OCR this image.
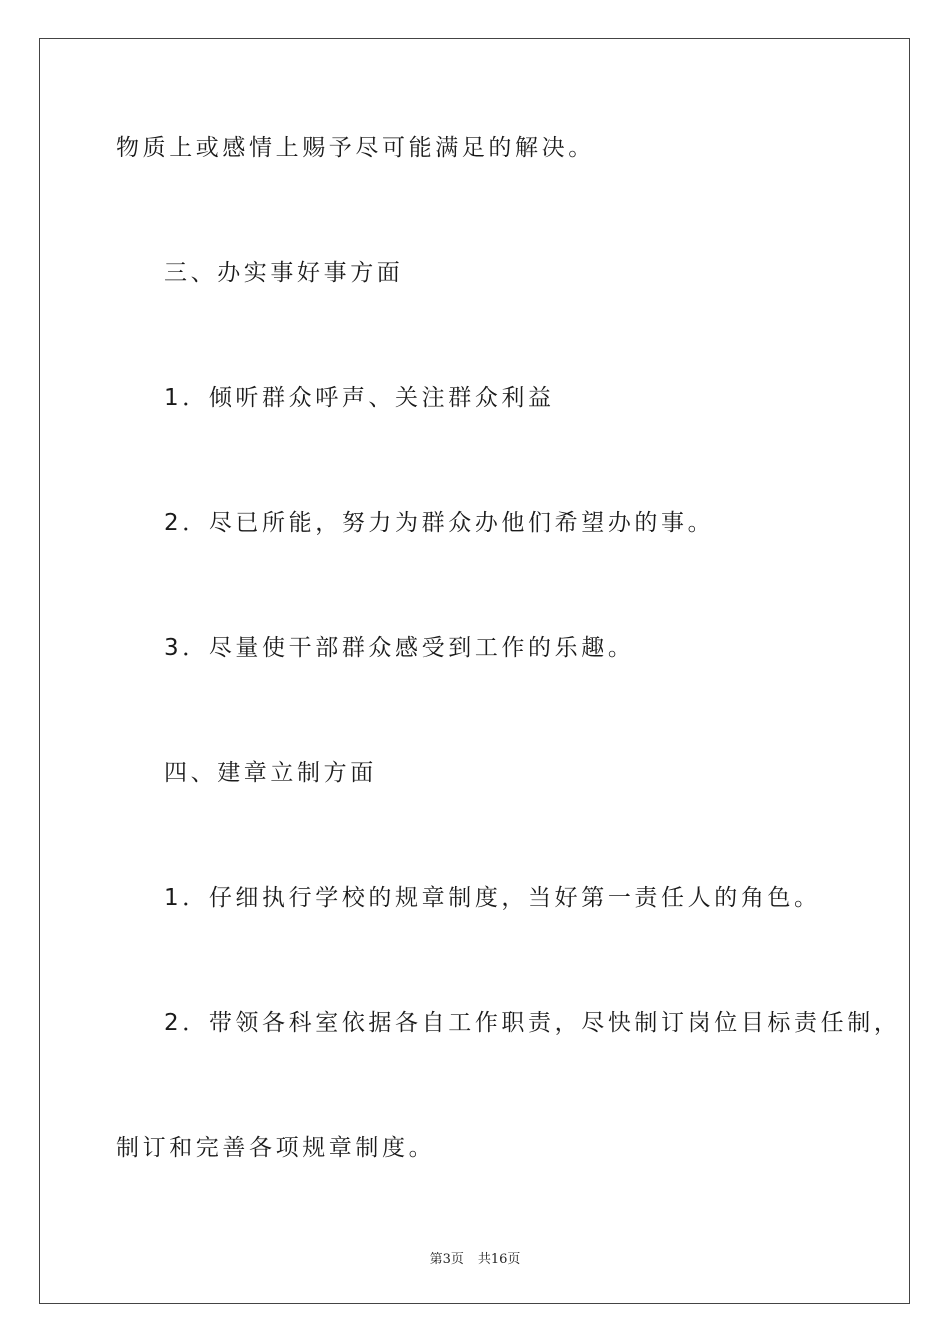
物质上或感情上赐予尽可能满足的解决。
三、办实事好事方面
1．倾听群众呼声、关注群众利益
2．尽已所能，努力为群众办他们希望办的事。
3．尽量使干部群众感受到工作的乐趣。
四、建章立制方面
1．仔细执行学校的规章制度，当好第一责任人的角色。
2．带领各科室依据各自工作职责，尽快制订岗位目标责任制，
制订和完善各项规章制度。
第3页 共16页
